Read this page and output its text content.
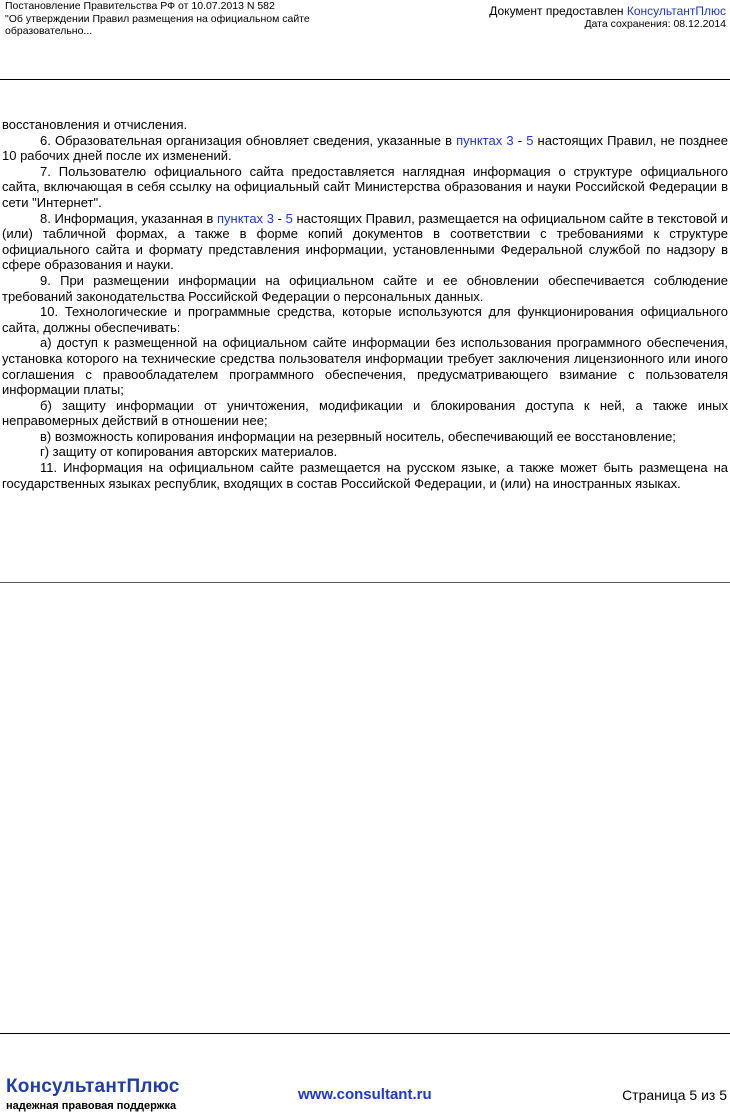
Постановление Правительства РФ от 10.07.2013 N 582
"Об утверждении Правил размещения на официальном сайте
образовательно...
Документ предоставлен КонсультантПлюс
Дата сохранения: 08.12.2014

восстановления и отчисления.

6. Образовательная организация обновляет сведения, указанные в пунктах 3 - 5 настоящих Правил, не позднее 10 рабочих дней после их изменений.

7. Пользователю официального сайта предоставляется наглядная информация о структуре официального сайта, включающая в себя ссылку на официальный сайт Министерства образования и науки Российской Федерации в сети "Интернет".

8. Информация, указанная в пунктах 3 - 5 настоящих Правил, размещается на официальном сайте в текстовой и (или) табличной формах, а также в форме копий документов в соответствии с требованиями к структуре официального сайта и формату представления информации, установленными Федеральной службой по надзору в сфере образования и науки.

9. При размещении информации на официальном сайте и ее обновлении обеспечивается соблюдение требований законодательства Российской Федерации о персональных данных.

10. Технологические и программные средства, которые используются для функционирования официального сайта, должны обеспечивать:

а) доступ к размещенной на официальном сайте информации без использования программного обеспечения, установка которого на технические средства пользователя информации требует заключения лицензионного или иного соглашения с правообладателем программного обеспечения, предусматривающего взимание с пользователя информации платы;

б) защиту информации от уничтожения, модификации и блокирования доступа к ней, а также иных неправомерных действий в отношении нее;

в) возможность копирования информации на резервный носитель, обеспечивающий ее восстановление;

г) защиту от копирования авторских материалов.

11. Информация на официальном сайте размещается на русском языке, а также может быть размещена на государственных языках республик, входящих в состав Российской Федерации, и (или) на иностранных языках.

КонсультантПлюс
надежная правовая поддержка
www.consultant.ru	Страница 5 из 5
